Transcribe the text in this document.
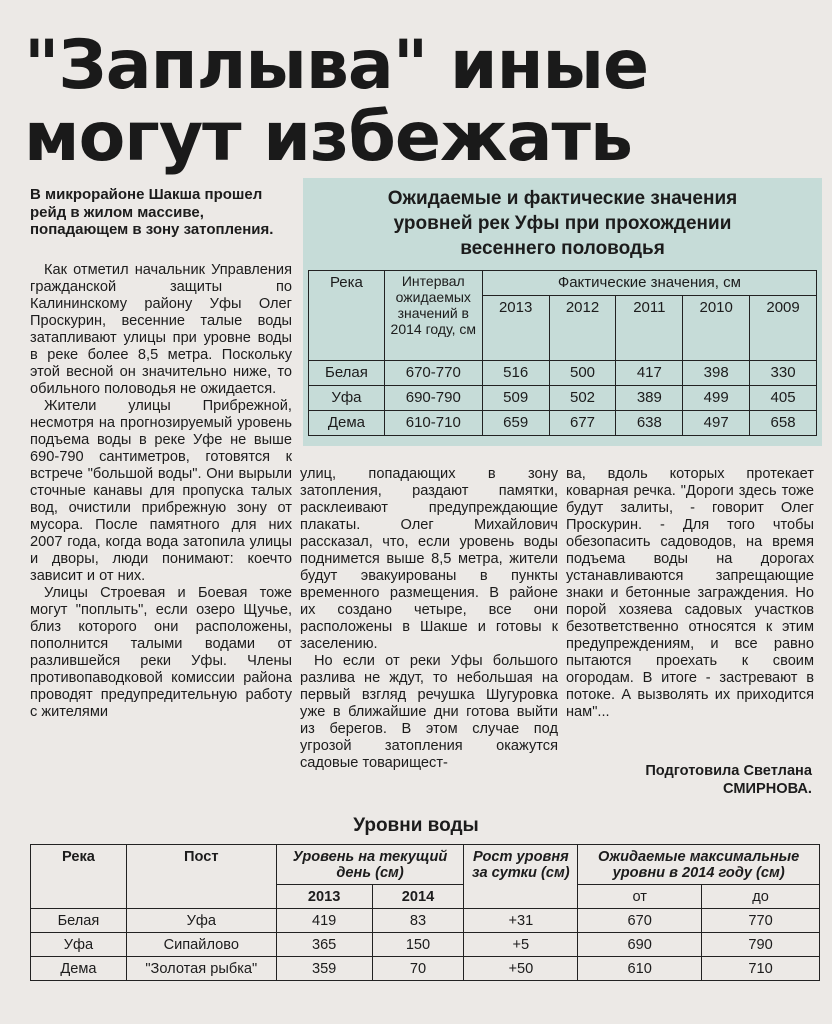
"Заплыва" иные
могут избежать

В микрорайоне Шакша прошел рейд в жилом массиве, попадающем в зону затопления.

Как отметил начальник Управления гражданской защиты по Калининскому району Уфы Олег Проскурин, весенние талые воды затапливают улицы при уровне воды в реке более 8,5 метра. Поскольку этой весной он значительно ниже, то обильного половодья не ожидается.

Жители улицы Прибрежной, несмотря на прогнозируемый уровень подъема воды в реке Уфе не выше 690-790 сантиметров, готовятся к встрече "большой воды". Они вырыли сточные канавы для пропуска талых вод, очистили прибрежную зону от мусора. После памятного для них 2007 года, когда вода затопила улицы и дворы, люди понимают: коечто зависит и от них.

Улицы Строевая и Боевая тоже могут "поплыть", если озеро Щучье, близ которого они расположены, пополнится талыми водами от разлившейся реки Уфы. Члены противопаводковой комиссии района проводят предупредительную работу с жителями

улиц, попадающих в зону затопления, раздают памятки, расклеивают предупреждающие плакаты. Олег Михайлович рассказал, что, если уровень воды поднимется выше 8,5 метра, жители будут эвакуированы в пункты временного размещения. В районе их создано четыре, все они расположены в Шакше и готовы к заселению.

Но если от реки Уфы большого разлива не ждут, то небольшая на первый взгляд речушка Шугуровка уже в ближайшие дни готова выйти из берегов. В этом случае под угрозой затопления окажутся садовые товарищест-

ва, вдоль которых протекает коварная речка. "Дороги здесь тоже будут залиты, - говорит Олег Проскурин. - Для того чтобы обезопасить садоводов, на время подъема воды на дорогах устанавливаются запрещающие знаки и бетонные заграждения. Но порой хозяева садовых участков безответственно относятся к этим предупреждениям, и все равно пытаются проехать к своим огородам. В итоге - застревают в потоке. А вызволять их приходится нам"...

Подготовила Светлана
СМИРНОВА.

Ожидаемые и фактические значения
уровней рек Уфы при прохождении
весеннего половодья
Река	Интервал ожидаемых значений в 2014 году, см	Фактические значения, см				
		2013	2012	2011	2010	2009
Белая	670-770	516	500	417	398	330
Уфа	690-790	509	502	389	499	405
Дема	610-710	659	677	638	497	658
Уровни воды
Река	Пост	Уровень на текущий день (см)		Рост уровня за сутки (см)	Ожидаемые максимальные уровни в 2014 году (см)	
		2013	2014		от	до
Белая	Уфа	419	83	+31	670	770
Уфа	Сипайлово	365	150	+5	690	790
Дема	"Золотая рыбка"	359	70	+50	610	710
